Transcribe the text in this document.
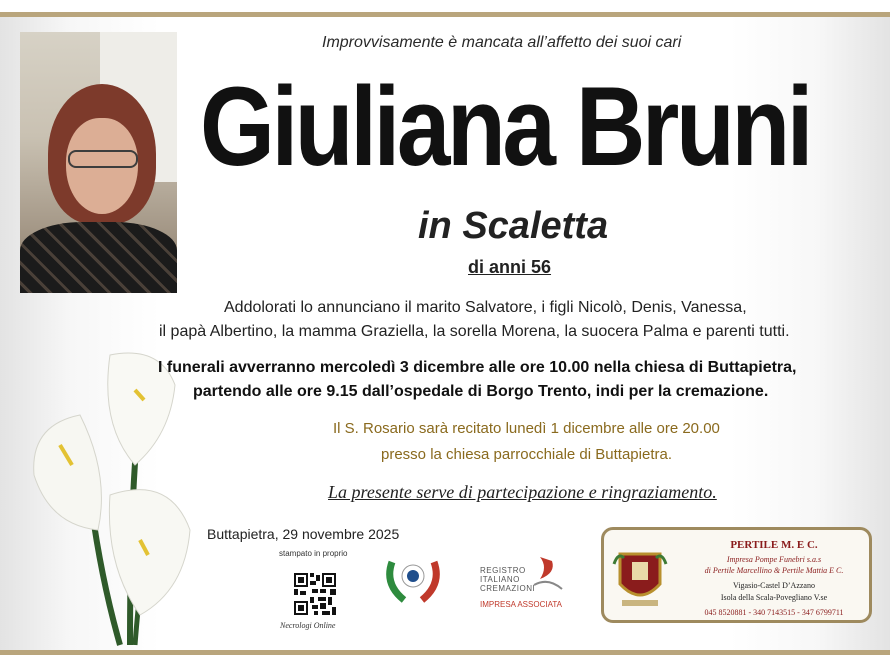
Improvvisamente è mancata all’affetto dei suoi cari
Giuliana Bruni
in Scaletta
di anni 56
Addolorati lo annunciano il marito Salvatore, i figli Nicolò, Denis, Vanessa,
il papà Albertino, la mamma Graziella, la sorella Morena, la suocera Palma e parenti tutti.
I funerali avverranno mercoledì 3 dicembre alle ore 10.00 nella chiesa di Buttapietra,
partendo alle ore 9.15 dall’ospedale di Borgo Trento, indi per la cremazione.
Il S. Rosario sarà recitato lunedì 1 dicembre alle ore 20.00
presso la chiesa parrocchiale di Buttapietra.
La presente serve di partecipazione e ringraziamento.
Buttapietra, 29 novembre 2025
stampato in proprio
Necrologi Online
REGISTRO
ITALIANO
CREMAZIONI
IMPRESA ASSOCIATA
PERTILE M. E C.
Impresa Pompe Funebri s.a.s
di Pertile Marcellino & Pertile Mattia E C.
Vigasio-Castel D’Azzano
Isola della Scala-Povegliano V.se
045 8520881 - 340 7143515 - 347 6799711
